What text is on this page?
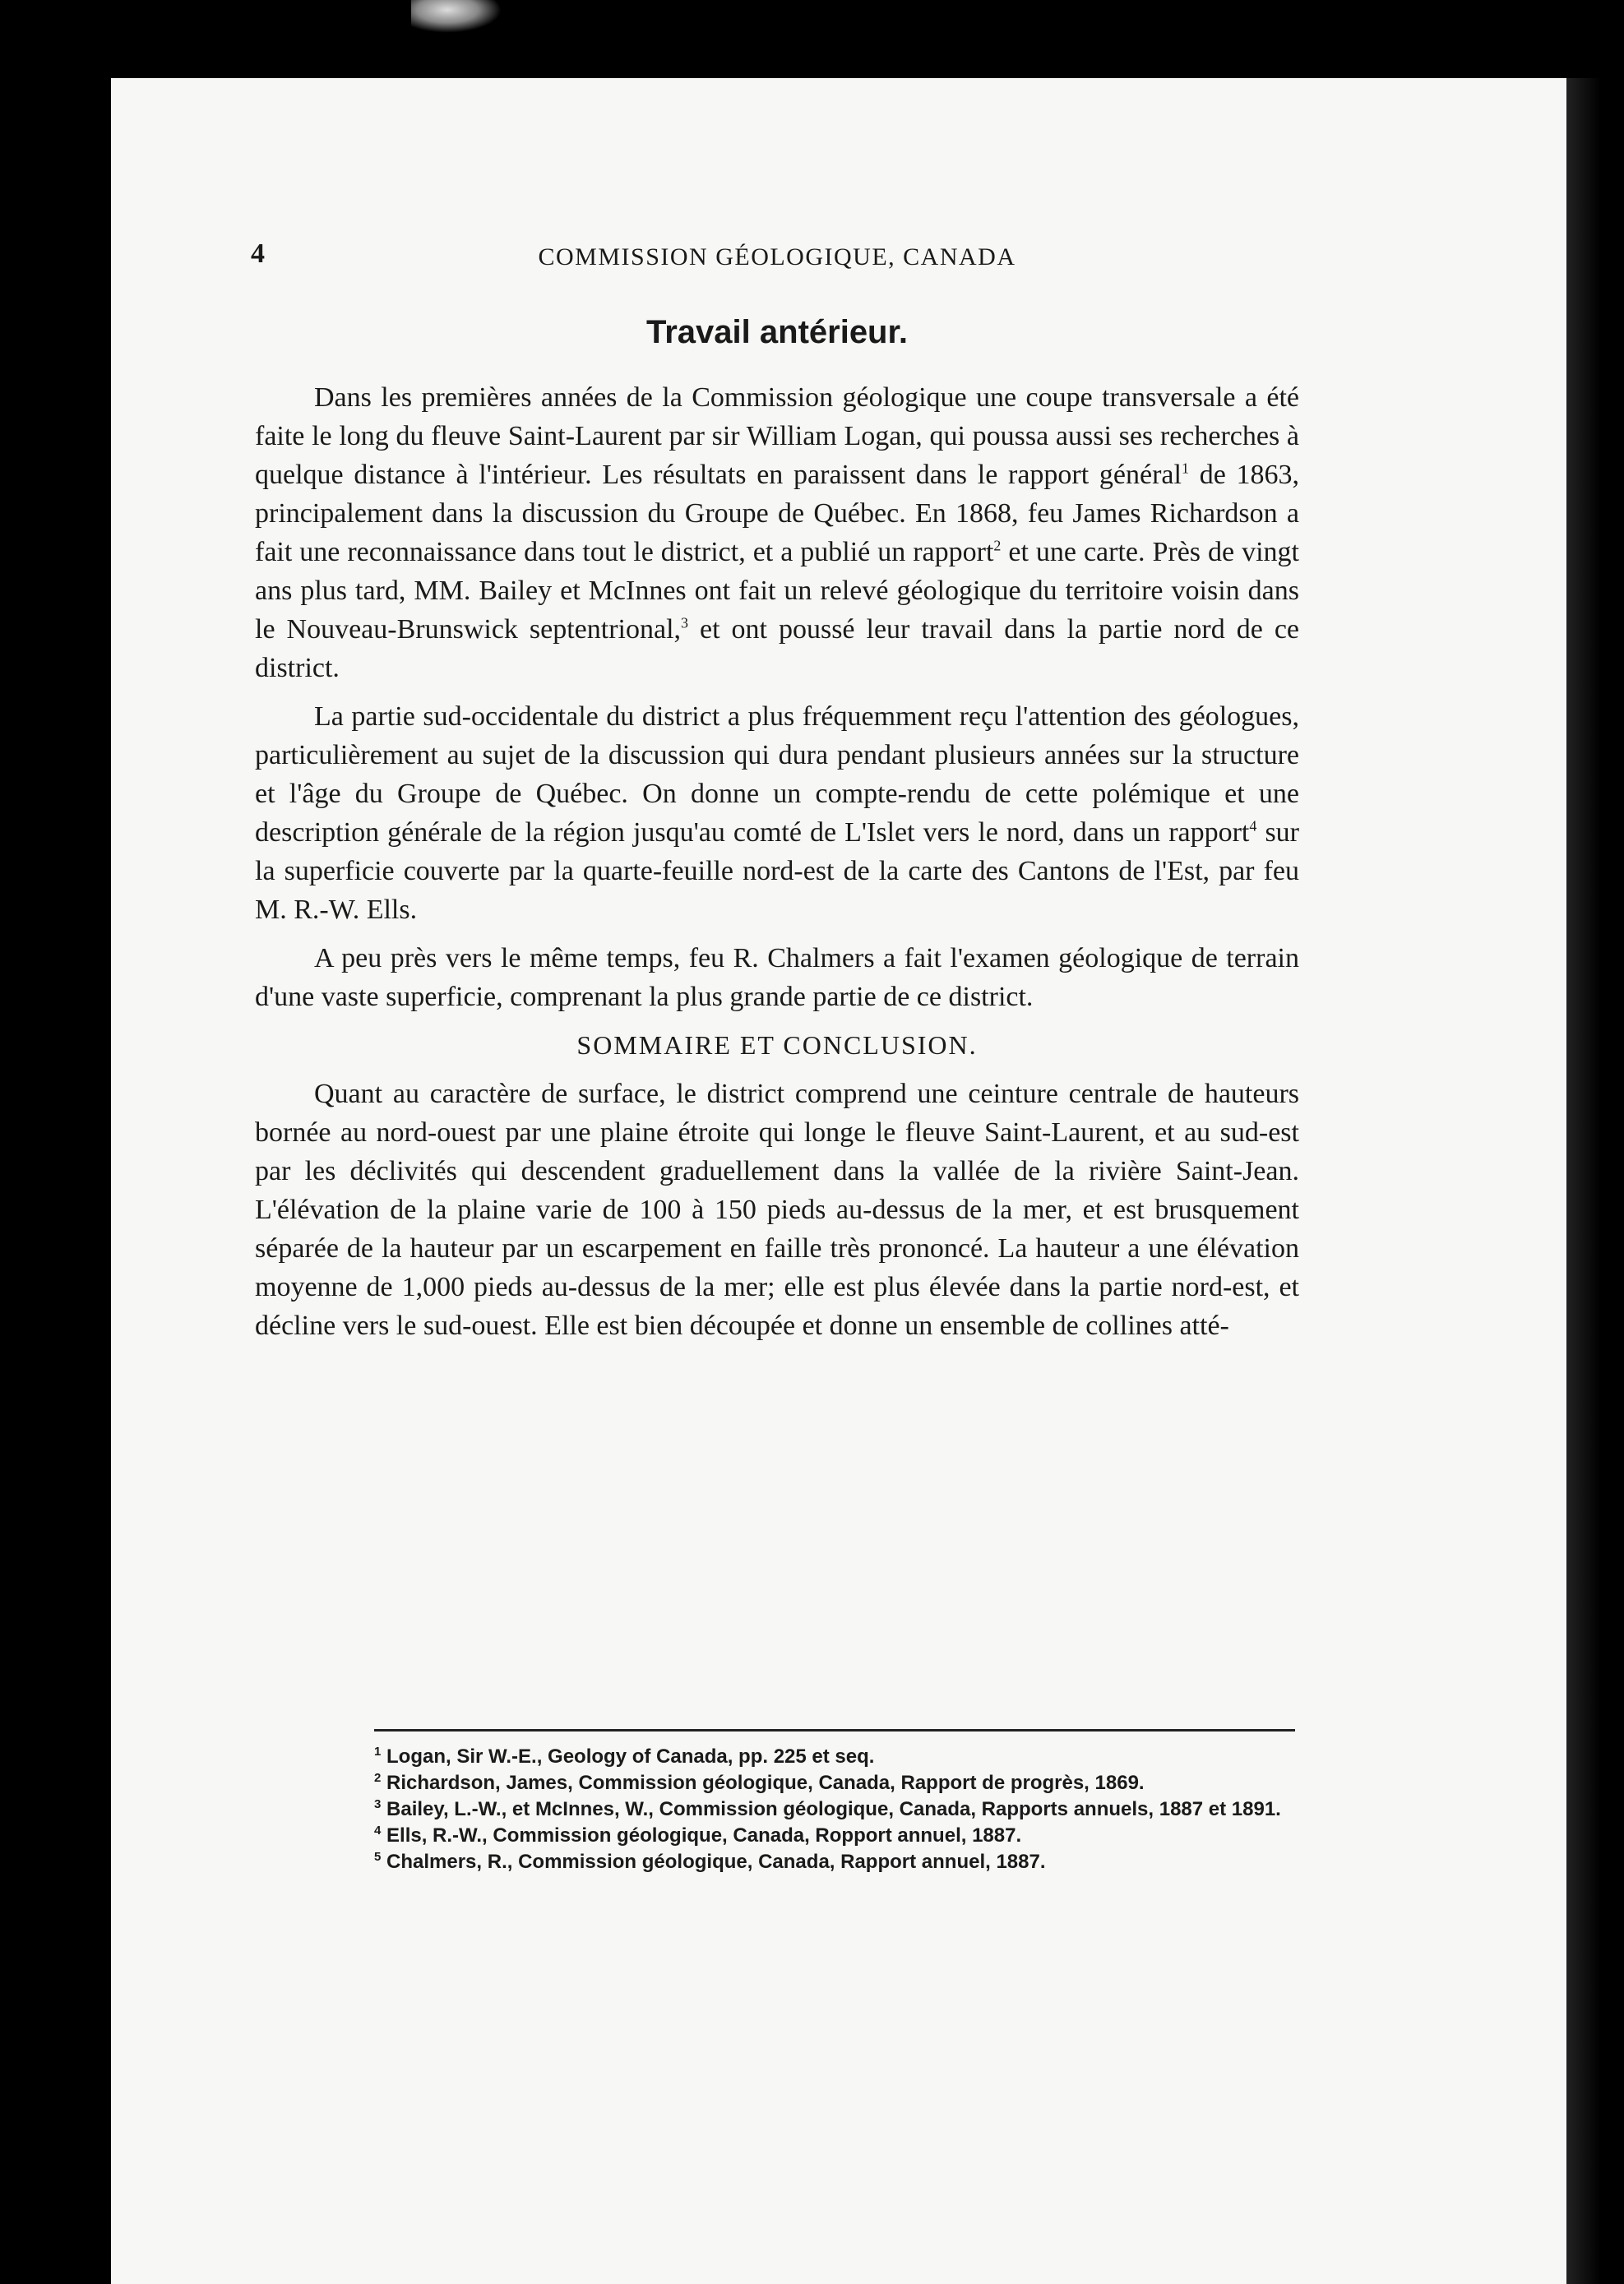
4	COMMISSION GÉOLOGIQUE, CANADA
Travail antérieur.

Dans les premières années de la Commission géologique une coupe transversale a été faite le long du fleuve Saint-Laurent par sir William Logan, qui poussa aussi ses recherches à quelque distance à l'intérieur. Les résultats en paraissent dans le rapport général$^1$ de 1863, principalement dans la discussion du Groupe de Québec. En 1868, feu James Richardson a fait une reconnaissance dans tout le district, et a publié un rapport$^2$ et une carte. Près de vingt ans plus tard, MM. Bailey et McInnes ont fait un relevé géologique du territoire voisin dans le Nouveau-Brunswick septentrional,$^3$ et ont poussé leur travail dans la partie nord de ce district.

La partie sud-occidentale du district a plus fréquemment reçu l'attention des géologues, particulièrement au sujet de la discussion qui dura pendant plusieurs années sur la structure et l'âge du Groupe de Québec. On donne un compte-rendu de cette polémique et une description générale de la région jusqu'au comté de L'Islet vers le nord, dans un rapport$^4$ sur la superficie couverte par la quarte-feuille nord-est de la carte des Cantons de l'Est, par feu M. R.-W. Ells.

A peu près vers le même temps, feu R. Chalmers a fait l'examen géologique de terrain d'une vaste superficie, comprenant la plus grande partie de ce district.

SOMMAIRE ET CONCLUSION.

Quant au caractère de surface, le district comprend une ceinture centrale de hauteurs bornée au nord-ouest par une plaine étroite qui longe le fleuve Saint-Laurent, et au sud-est par les déclivités qui descendent graduellement dans la vallée de la rivière Saint-Jean. L'élévation de la plaine varie de 100 à 150 pieds au-dessus de la mer, et est brusquement séparée de la hauteur par un escarpement en faille très prononcé. La hauteur a une élévation moyenne de 1,000 pieds au-dessus de la mer; elle est plus élevée dans la partie nord-est, et décline vers le sud-ouest. Elle est bien découpée et donne un ensemble de collines atté-

$^1$ Logan, Sir W.-E., Geology of Canada, pp. 225 et seq.

$^2$ Richardson, James, Commission géologique, Canada, Rapport de progrès, 1869.

$^3$ Bailey, L.-W., et McInnes, W., Commission géologique, Canada, Rapports annuels, 1887 et 1891.

$^4$ Ells, R.-W., Commission géologique, Canada, Ropport annuel, 1887.

$^5$ Chalmers, R., Commission géologique, Canada, Rapport annuel, 1887.
